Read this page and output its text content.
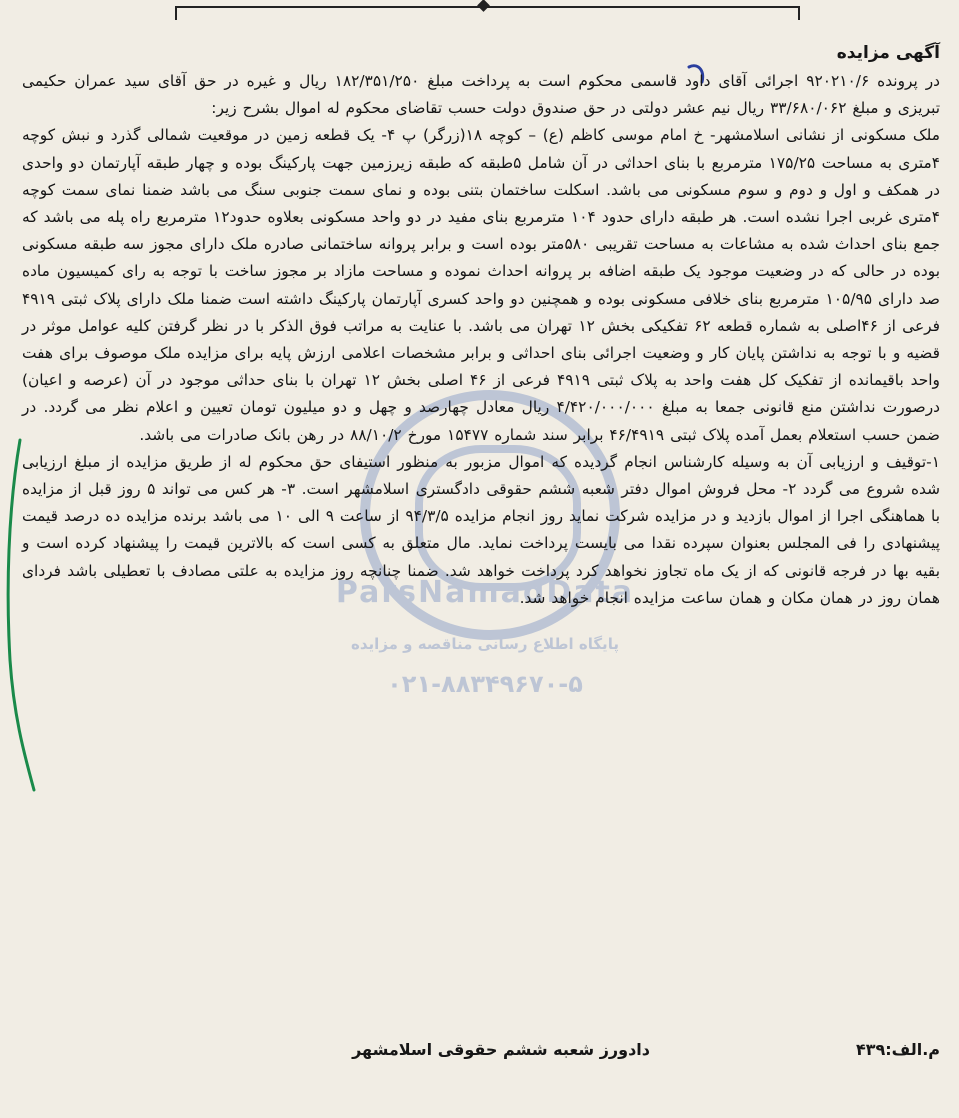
ParsNamadData
پایگاه اطلاع رسانی مناقصه و مزایده
۰۲۱-۸۸۳۴۹۶۷۰-۵
آگهی مزایده

در پرونده ۹۲۰۲۱۰/۶ اجرائی آقای داود قاسمی محکوم است به پرداخت مبلغ ۱۸۲/۳۵۱/۲۵۰ ریال و غیره در حق آقای سید عمران حکیمی تبریزی و مبلغ ۳۳/۶۸۰/۰۶۲ ریال نیم عشر دولتی در حق صندوق دولت حسب تقاضای محکوم له اموال بشرح زیر:

ملک مسکونی از نشانی اسلامشهر- خ امام موسی کاظم (ع) – کوچه ۱۸(زرگر) پ ۴- یک قطعه زمین در موقعیت شمالی گذرد و نبش کوچه ۴متری به مساحت ۱۷۵/۲۵ مترمربع با بنای احداثی در آن شامل ۵طبقه که طبقه زیرزمین جهت پارکینگ بوده و چهار طبقه آپارتمان دو واحدی در همکف و اول و دوم و سوم مسکونی می باشد. اسکلت ساختمان بتنی بوده و نمای سمت جنوبی سنگ می باشد ضمنا نمای سمت کوچه ۴متری غربی اجرا نشده است. هر طبقه دارای حدود ۱۰۴ مترمربع بنای مفید در دو واحد مسکونی بعلاوه حدود۱۲ مترمربع راه پله می باشد که جمع بنای احداث شده به مشاعات به مساحت تقریبی ۵۸۰متر بوده است و برابر پروانه ساختمانی صادره ملک دارای مجوز سه طبقه مسکونی بوده در حالی که در وضعیت موجود یک طبقه اضافه بر پروانه احداث نموده و مساحت مازاد بر مجوز ساخت با توجه به رای کمیسیون ماده صد دارای ۱۰۵/۹۵ مترمربع بنای خلافی مسکونی بوده و همچنین دو واحد کسری آپارتمان پارکینگ داشته است ضمنا ملک دارای پلاک ثبتی ۴۹۱۹ فرعی از ۴۶اصلی به شماره قطعه ۶۲ تفکیکی بخش ۱۲ تهران می باشد. با عنایت به مراتب فوق الذکر با در نظر گرفتن کلیه عوامل موثر در قضیه و با توجه به نداشتن پایان کار و وضعیت اجرائی بنای احداثی و برابر مشخصات اعلامی ارزش پایه برای مزایده ملک موصوف برای هفت واحد باقیمانده از تفکیک کل هفت واحد به پلاک ثبتی ۴۹۱۹ فرعی از ۴۶ اصلی بخش ۱۲ تهران با بنای حداثی موجود در آن (عرصه و اعیان) درصورت نداشتن منع قانونی جمعا به مبلغ ۴/۴۲۰/۰۰۰/۰۰۰ ریال معادل چهارصد و چهل و دو میلیون تومان تعیین و اعلام نظر می گردد. در ضمن حسب استعلام بعمل آمده پلاک ثبتی ۴۶/۴۹۱۹ برابر سند شماره ۱۵۴۷۷ مورخ ۸۸/۱۰/۲ در رهن بانک صادرات می باشد.

۱-توقیف و ارزیابی آن به وسیله کارشناس انجام گردیده که اموال مزبور به منظور استیفای حق محکوم له از طریق مزایده از مبلغ ارزیابی شده شروع می گردد ۲- محل فروش اموال دفتر شعبه ششم حقوقی دادگستری اسلامشهر است. ۳- هر کس می تواند ۵ روز قبل از مزایده با هماهنگی اجرا از اموال بازدید و در مزایده شرکت نماید روز انجام مزایده ۹۴/۳/۵ از ساعت ۹ الی ۱۰ می باشد برنده مزایده ده درصد قیمت پیشنهادی را فی المجلس بعنوان سپرده نقدا می بایست پرداخت نماید. مال متعلق به کسی است که بالاترین قیمت را پیشنهاد کرده است و بقیه بها در فرجه قانونی که از یک ماه تجاوز نخواهد کرد پرداخت خواهد شد. ضمنا چنانچه روز مزایده به علتی مصادف با تعطیلی باشد فردای همان روز در همان مکان و همان ساعت مزایده انجام خواهد شد.

م.الف:۴۳۹
دادورز شعبه ششم حقوقی اسلامشهر
